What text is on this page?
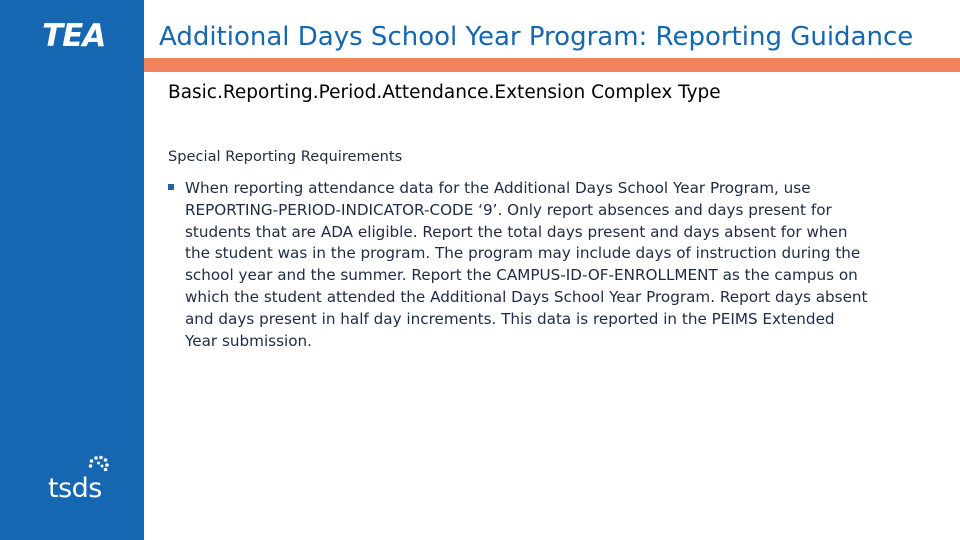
TEA
tsds
Additional Days School Year Program: Reporting Guidance
Basic.Reporting.Period.Attendance.Extension Complex Type
Special Reporting Requirements

When reporting attendance data for the Additional Days School Year Program, use REPORTING-PERIOD-INDICATOR-CODE ‘9’. Only report absences and days present for students that are ADA eligible. Report the total days present and days absent for when the student was in the program. The program may include days of instruction during the school year and the summer. Report the CAMPUS-ID-OF-ENROLLMENT as the campus on which the student attended the Additional Days School Year Program. Report days absent and days present in half day increments. This data is reported in the PEIMS Extended Year submission.
